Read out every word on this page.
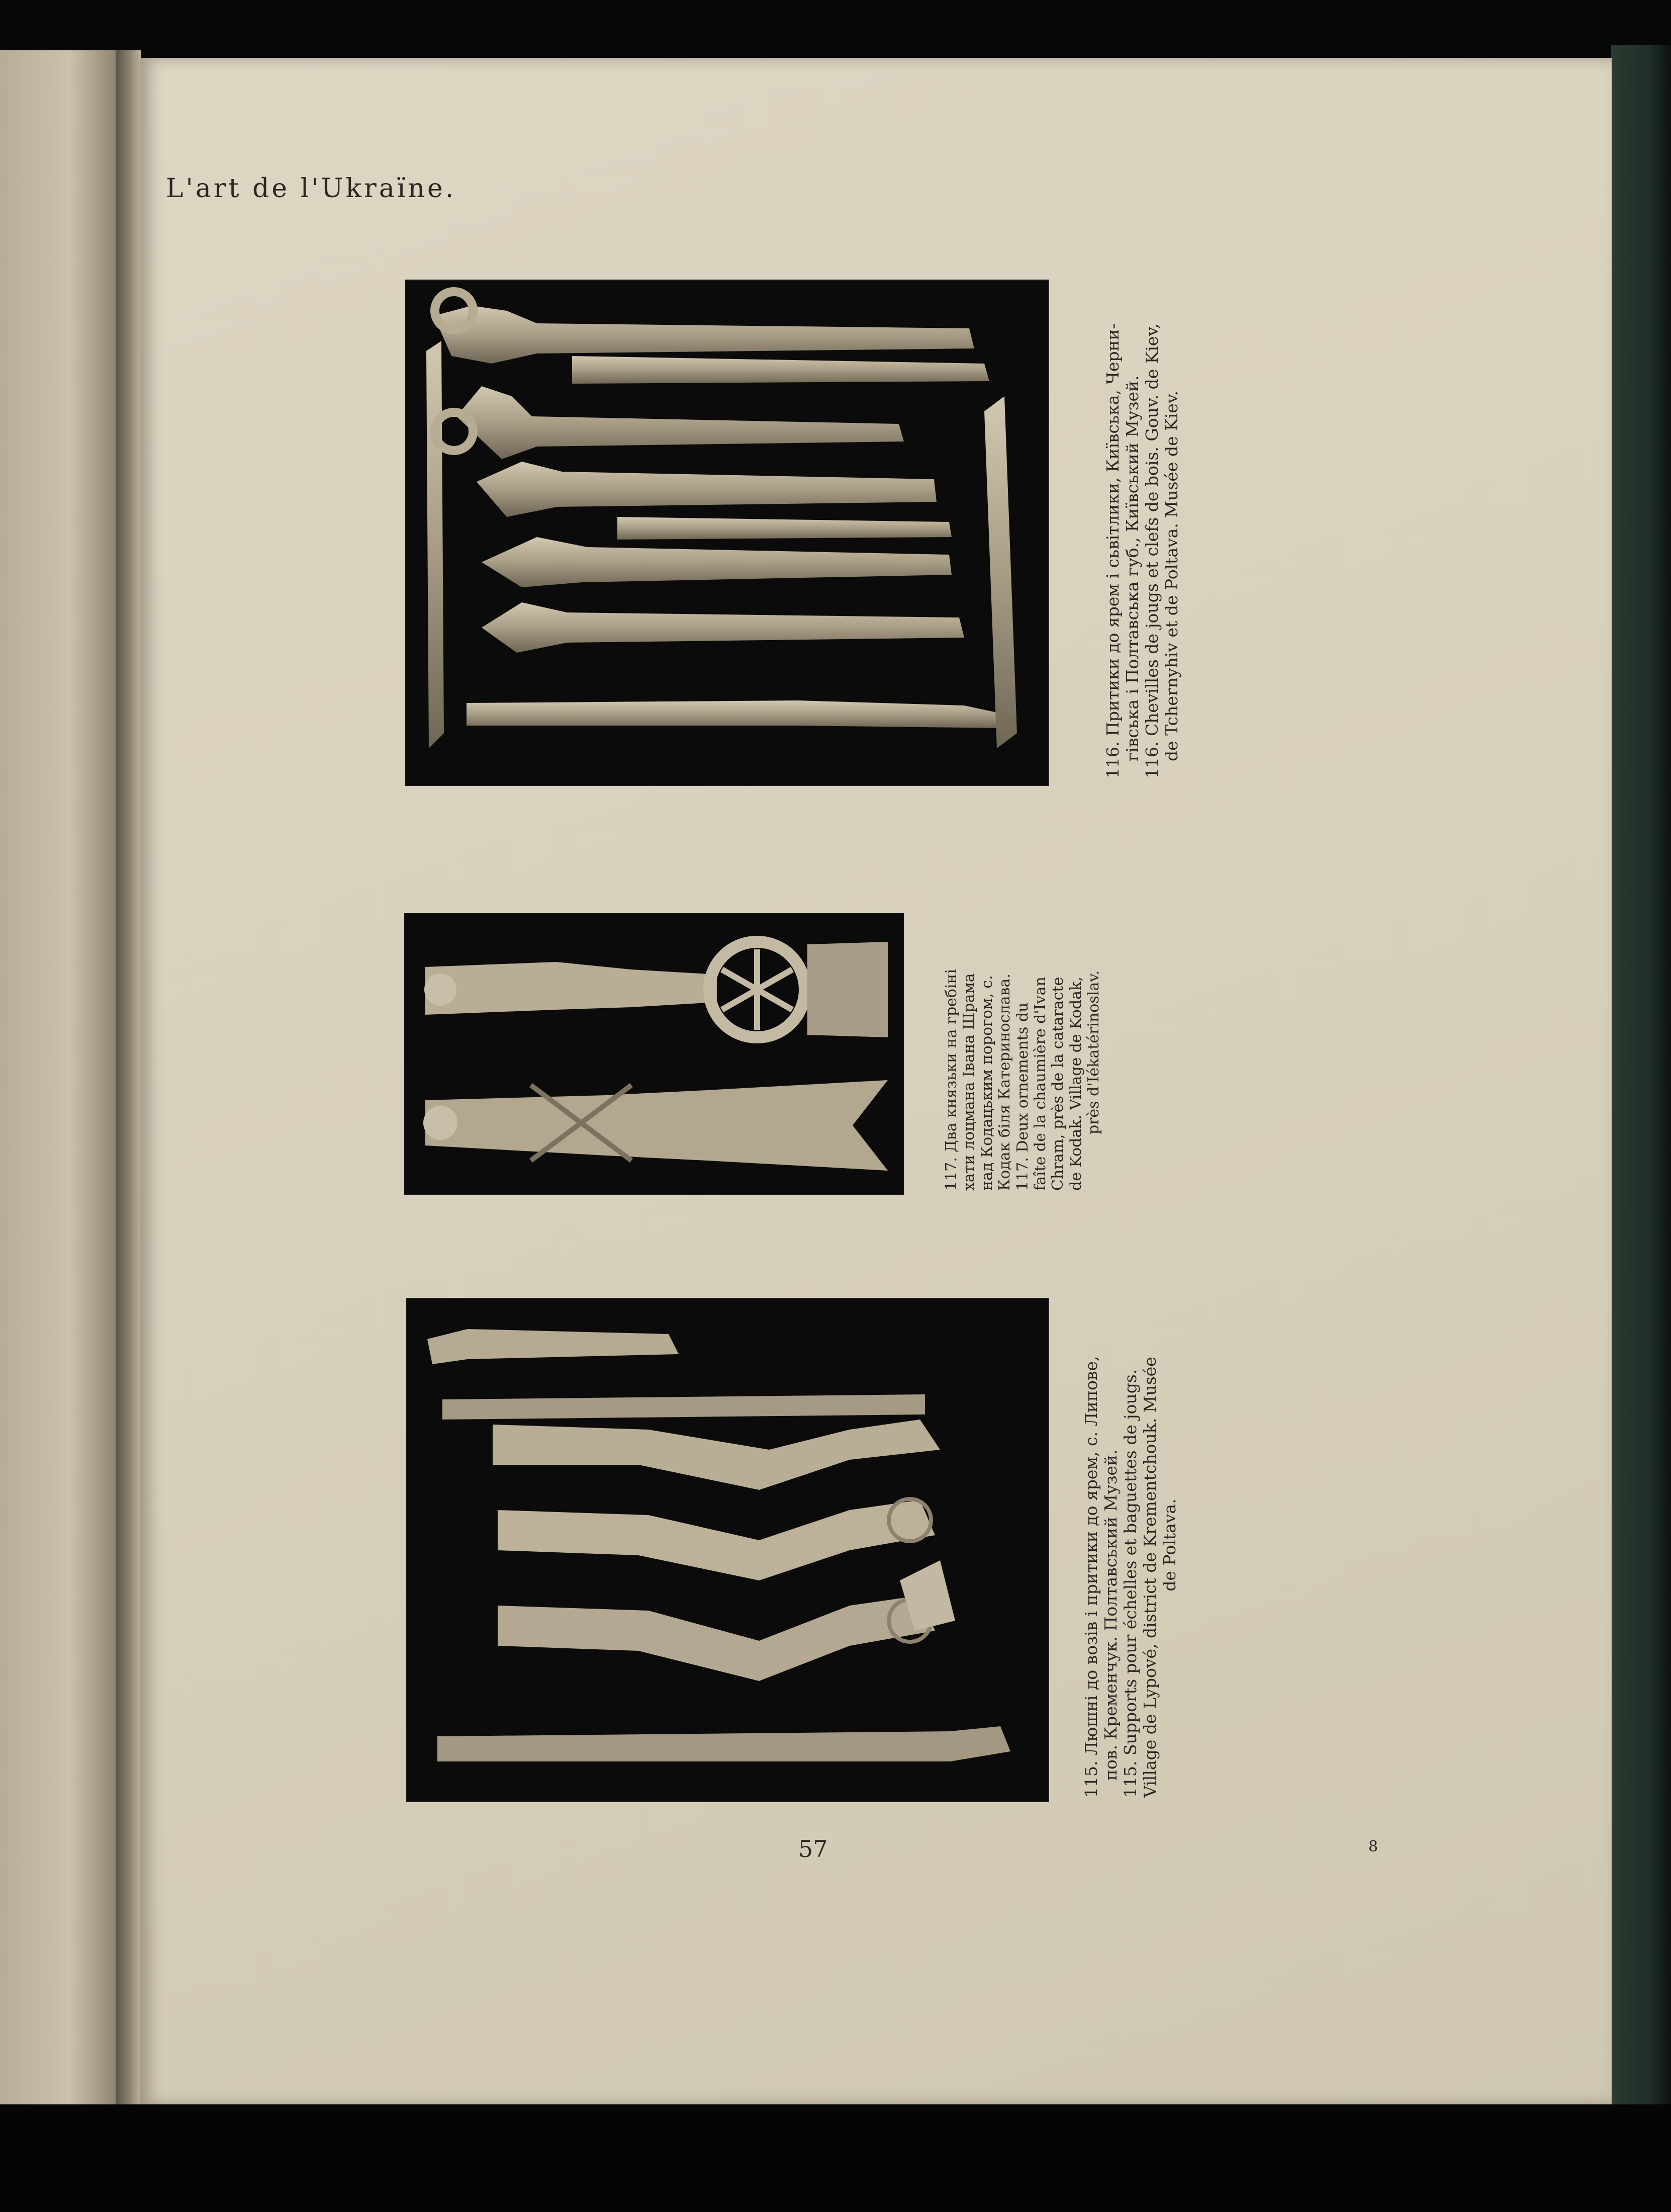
L'art de l'Ukraïne.

116. Притики до ярем і сьвітлики, Київська, Черни- гівська і Полтавська губ., Київський Музей. 116. Chevilles de jougs et clefs de bois. Gouv. de Kiev, de Tchernyhiv et de Poltava. Musée de Kiev.

117. Два князьки на гребіні хати лоцмана Івана Шрама над Кодацьким порогом, с. Кодак біля Катеринослава. 117. Deux ornements du faîte de la chaumière d'Ivan Chram, près de la cataracte de Kodak. Village de Kodak, près d'Iékatérinoslav.

115. Люшні до возів і притики до ярем, с. Липове, пов. Кременчук. Полтавський Музей. 115. Supports pour échelles et baguettes de jougs. Village de Lypové, district de Krementchouk. Musée de Poltava.

57	8
